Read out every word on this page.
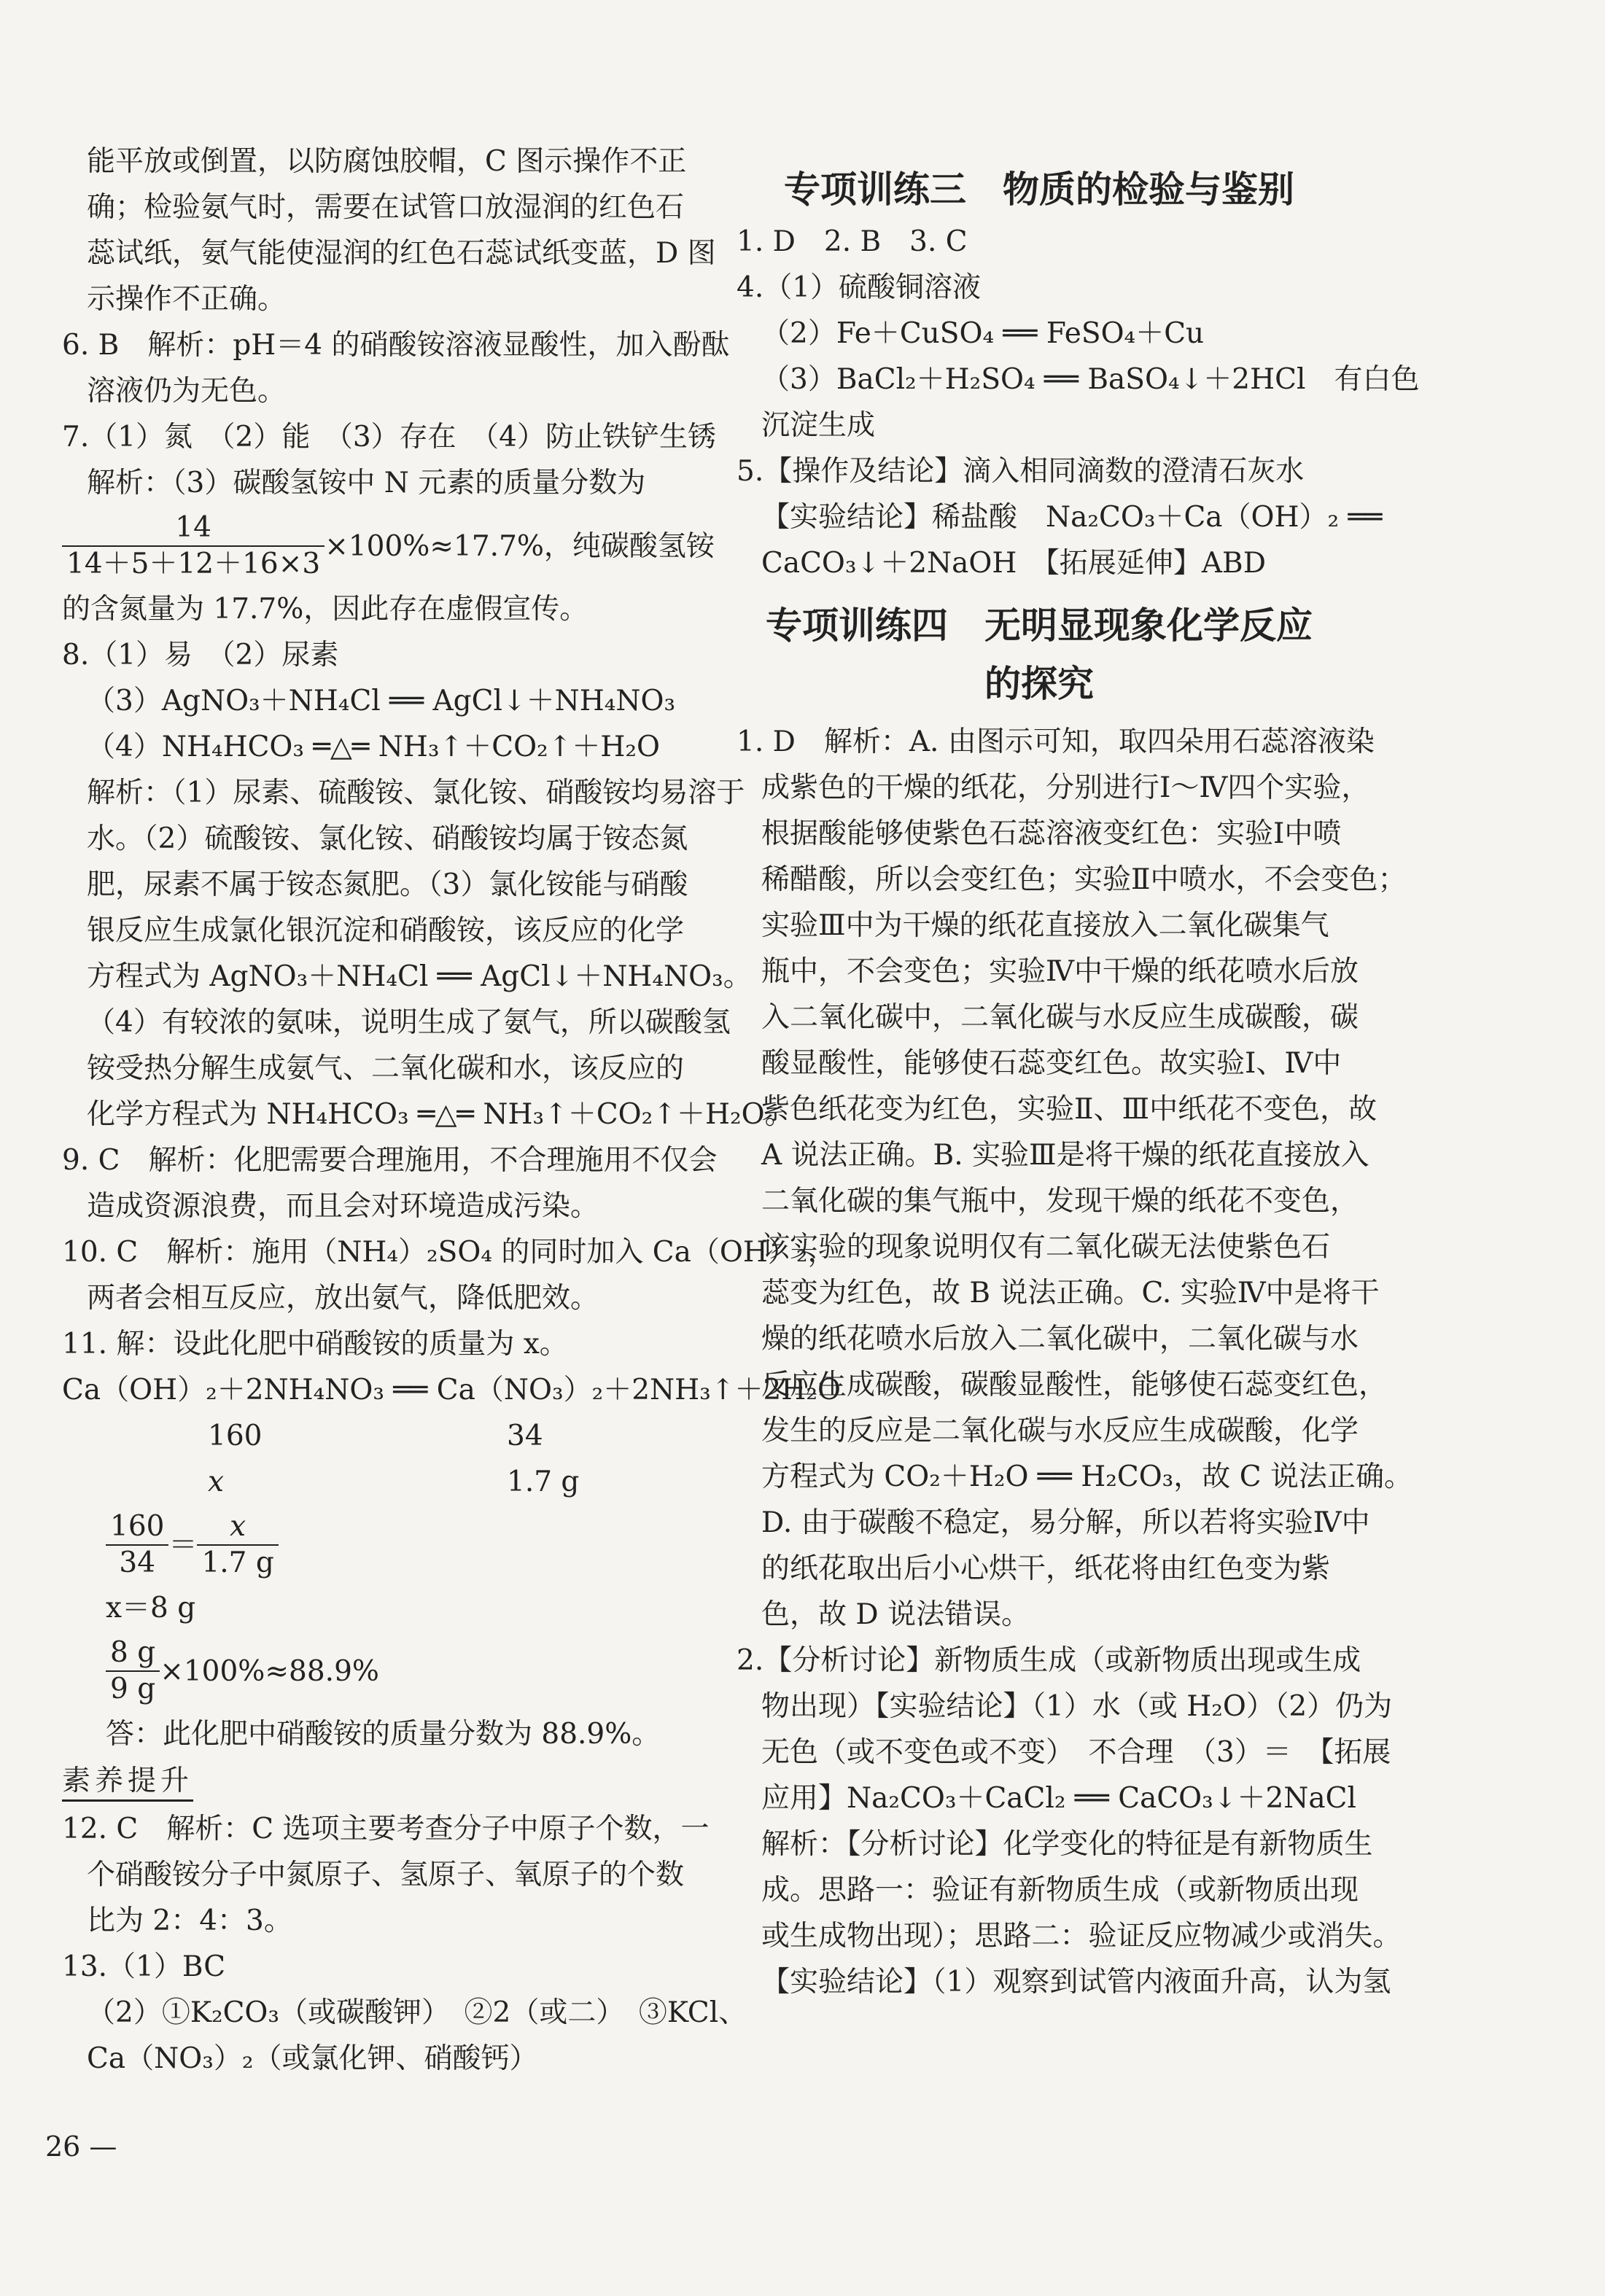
能平放或倒置，以防腐蚀胶帽，C 图示操作不正
确；检验氨气时，需要在试管口放湿润的红色石
蕊试纸，氨气能使湿润的红色石蕊试纸变蓝，D 图
示操作不正确。
6. B　解析：pH＝4 的硝酸铵溶液显酸性，加入酚酞
溶液仍为无色。
7.（1）氮　（2）能　（3）存在　（4）防止铁铲生锈
解析：（3）碳酸氢铵中 N 元素的质量分数为
$\frac{14}{14+5+12+16\times 3} \times 100\%\approx 17.7\%$，纯碳酸氢铵
的含氮量为 17.7%，因此存在虚假宣传。
8.（1）易　（2）尿素
（3）AgNO₃＋NH₄Cl ══ AgCl↓＋NH₄NO₃
（4）NH₄HCO₃ ═△═ NH₃↑＋CO₂↑＋H₂O
解析：（1）尿素、硫酸铵、氯化铵、硝酸铵均易溶于
水。（2）硫酸铵、氯化铵、硝酸铵均属于铵态氮
肥，尿素不属于铵态氮肥。（3）氯化铵能与硝酸
银反应生成氯化银沉淀和硝酸铵，该反应的化学
方程式为 AgNO₃＋NH₄Cl ══ AgCl↓＋NH₄NO₃。
（4）有较浓的氨味，说明生成了氨气，所以碳酸氢
铵受热分解生成氨气、二氧化碳和水，该反应的
化学方程式为 NH₄HCO₃ ═△═ NH₃↑＋CO₂↑＋H₂O。
9. C　解析：化肥需要合理施用，不合理施用不仅会
造成资源浪费，而且会对环境造成污染。
10. C　解析：施用（NH₄）₂SO₄ 的同时加入 Ca（OH）₂，
两者会相互反应，放出氨气，降低肥效。
11. 解：设此化肥中硝酸铵的质量为 x。
Ca（OH）₂＋2NH₄NO₃ ══ Ca（NO₃）₂＋2NH₃↑＋2H₂O
160	34
x	1.7 g
$\frac{160}{34} = \frac{x}{1.7 g}$
x＝8 g
$\frac{8 g}{9 g} \times 100\%\approx 88.9\%$
答：此化肥中硝酸铵的质量分数为 88.9%。
素养提升
12. C　解析：C 选项主要考查分子中原子个数，一
个硝酸铵分子中氮原子、氢原子、氧原子的个数
比为 2：4：3。
13.（1）BC
（2）①K₂CO₃（或碳酸钾）　②2（或二）　③KCl、
Ca（NO₃）₂（或氯化钾、硝酸钙）
专项训练三　物质的检验与鉴别
1. D　2. B　3. C
4.（1）硫酸铜溶液
（2）Fe＋CuSO₄ ══ FeSO₄＋Cu
（3）BaCl₂＋H₂SO₄ ══ BaSO₄↓＋2HCl　有白色
沉淀生成
5.【操作及结论】滴入相同滴数的澄清石灰水
【实验结论】稀盐酸　Na₂CO₃＋Ca（OH）₂ ══
CaCO₃↓＋2NaOH　【拓展延伸】ABD
专项训练四　无明显现象化学反应
的探究
1. D　解析：A. 由图示可知，取四朵用石蕊溶液染
成紫色的干燥的纸花，分别进行Ⅰ～Ⅳ四个实验，
根据酸能够使紫色石蕊溶液变红色：实验Ⅰ中喷
稀醋酸，所以会变红色；实验Ⅱ中喷水，不会变色；
实验Ⅲ中为干燥的纸花直接放入二氧化碳集气
瓶中，不会变色；实验Ⅳ中干燥的纸花喷水后放
入二氧化碳中，二氧化碳与水反应生成碳酸，碳
酸显酸性，能够使石蕊变红色。故实验Ⅰ、Ⅳ中
紫色纸花变为红色，实验Ⅱ、Ⅲ中纸花不变色，故
A 说法正确。B. 实验Ⅲ是将干燥的纸花直接放入
二氧化碳的集气瓶中，发现干燥的纸花不变色，
该实验的现象说明仅有二氧化碳无法使紫色石
蕊变为红色，故 B 说法正确。C. 实验Ⅳ中是将干
燥的纸花喷水后放入二氧化碳中，二氧化碳与水
反应生成碳酸，碳酸显酸性，能够使石蕊变红色，
发生的反应是二氧化碳与水反应生成碳酸，化学
方程式为 CO₂＋H₂O ══ H₂CO₃，故 C 说法正确。
D. 由于碳酸不稳定，易分解，所以若将实验Ⅳ中
的纸花取出后小心烘干，纸花将由红色变为紫
色，故 D 说法错误。
2.【分析讨论】新物质生成（或新物质出现或生成
物出现）【实验结论】（1）水（或 H₂O）（2）仍为
无色（或不变色或不变）　不合理　（3）＝　【拓展
应用】Na₂CO₃＋CaCl₂ ══ CaCO₃↓＋2NaCl
解析：【分析讨论】化学变化的特征是有新物质生
成。思路一：验证有新物质生成（或新物质出现
或生成物出现）；思路二：验证反应物减少或消失。
【实验结论】（1）观察到试管内液面升高，认为氢
26 —
